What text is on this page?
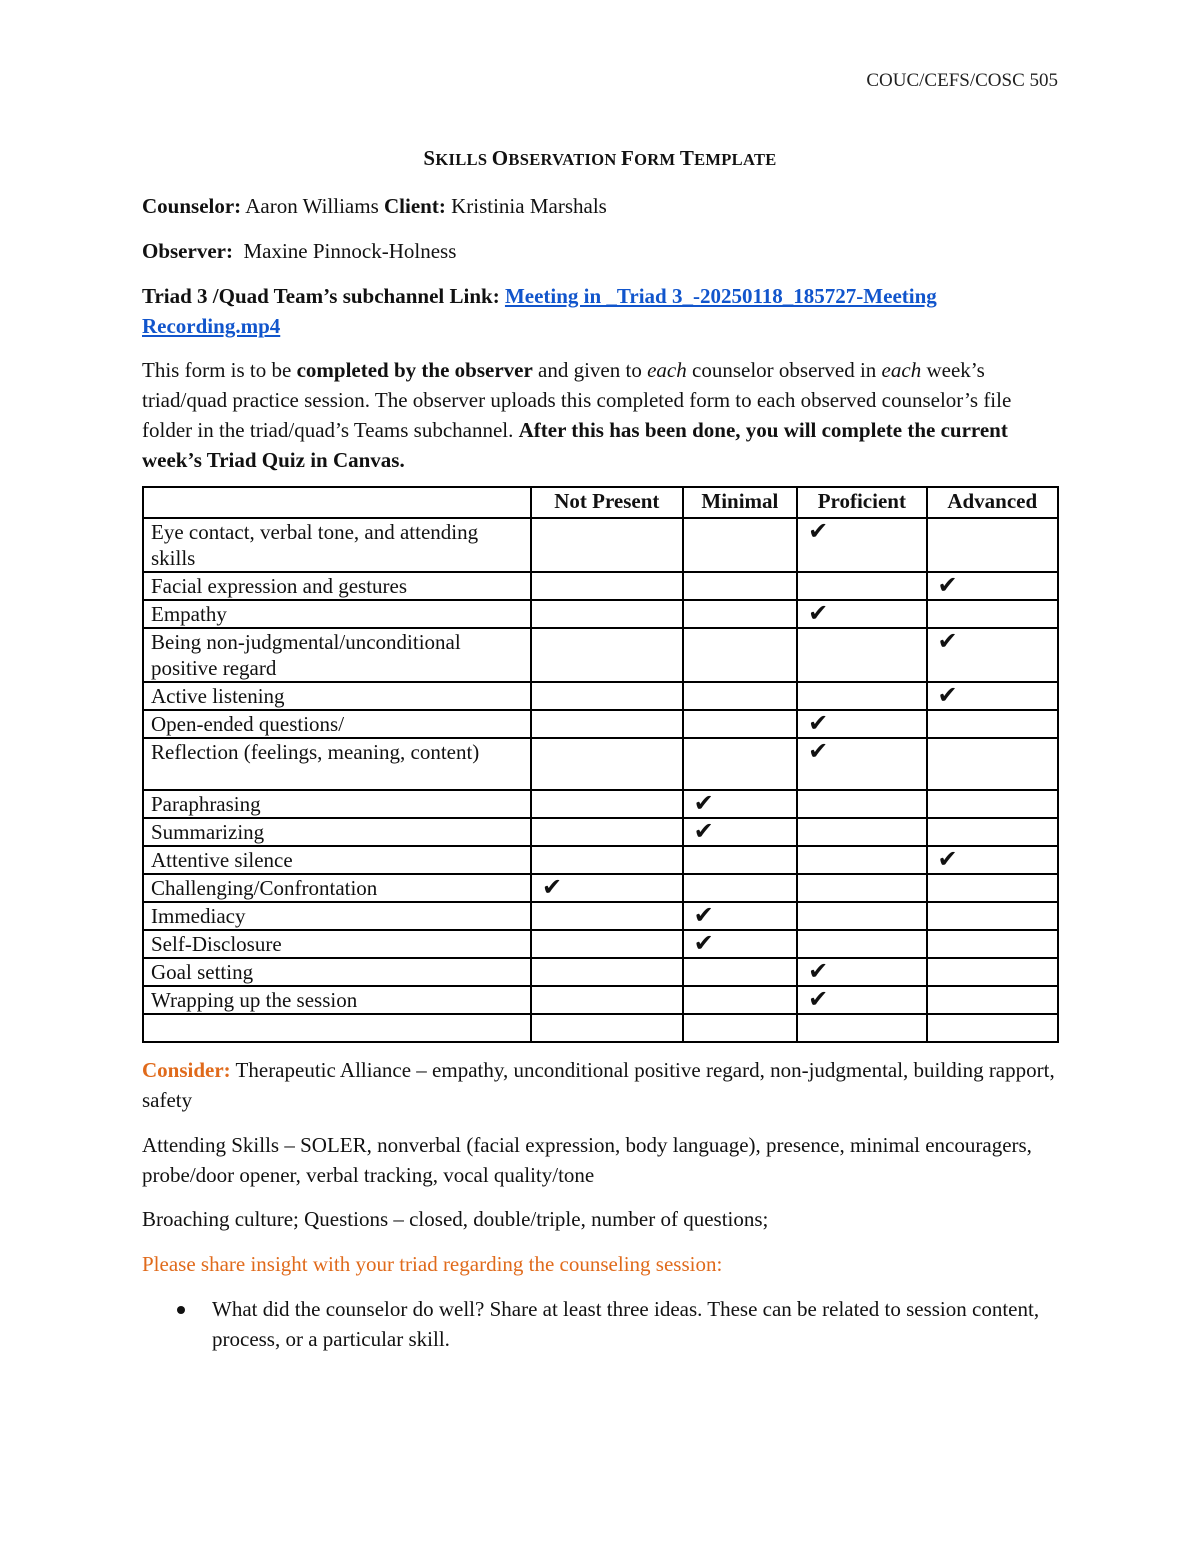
COUC/CEFS/COSC 505
SKILLS OBSERVATION FORM TEMPLATE
Counselor: Aaron Williams Client: Kristinia Marshals
Observer: Maxine Pinnock-Holness
Triad 3 /Quad Team’s subchannel Link: Meeting in _Triad 3_-20250118_185727-Meeting Recording.mp4
This form is to be completed by the observer and given to each counselor observed in each week’s triad/quad practice session. The observer uploads this completed form to each observed counselor’s file folder in the triad/quad’s Teams subchannel. After this has been done, you will complete the current week’s Triad Quiz in Canvas.
	Not Present	Minimal	Proficient	Advanced
Eye contact, verbal tone, and attending skills			✔	
Facial expression and gestures				✔
Empathy			✔	
Being non-judgmental/unconditional positive regard				✔
Active listening				✔
Open-ended questions/			✔	
Reflection (feelings, meaning, content)			✔	
Paraphrasing		✔		
Summarizing		✔		
Attentive silence				✔
Challenging/Confrontation	✔			
Immediacy		✔		
Self-Disclosure		✔		
Goal setting			✔	
Wrapping up the session			✔	

Consider: Therapeutic Alliance – empathy, unconditional positive regard, non-judgmental, building rapport, safety
Attending Skills – SOLER, nonverbal (facial expression, body language), presence, minimal encouragers, probe/door opener, verbal tracking, vocal quality/tone
Broaching culture; Questions – closed, double/triple, number of questions;
Please share insight with your triad regarding the counseling session:
What did the counselor do well? Share at least three ideas. These can be related to session content, process, or a particular skill.
